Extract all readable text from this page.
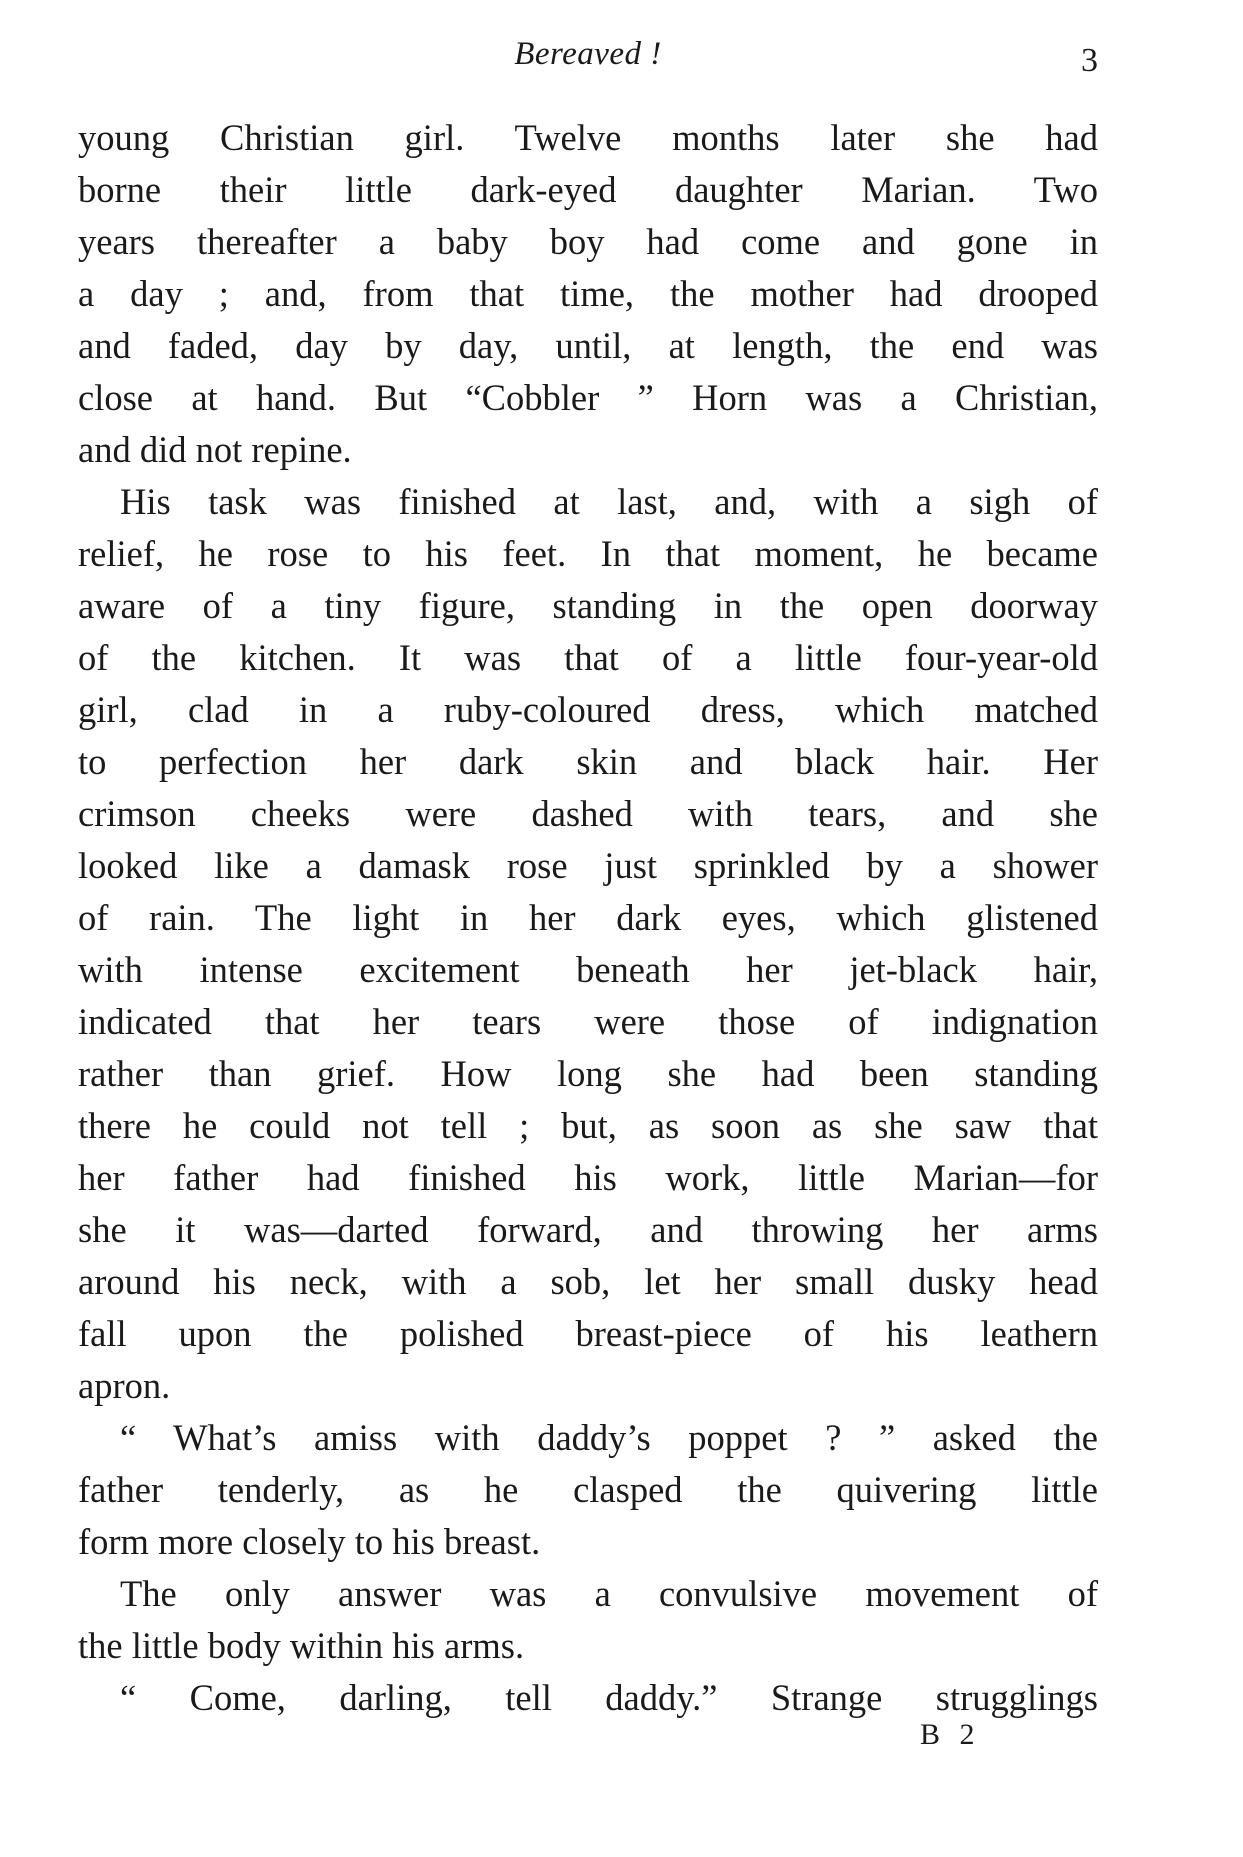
Bereaved !	3
young Christian girl. Twelve months later she had
borne their little dark-eyed daughter Marian. Two
years thereafter a baby boy had come and gone in
a day ; and, from that time, the mother had drooped
and faded, day by day, until, at length, the end was
close at hand. But “Cobbler ” Horn was a Christian,
and did not repine.
His task was finished at last, and, with a sigh of
relief, he rose to his feet. In that moment, he became
aware of a tiny figure, standing in the open doorway
of the kitchen. It was that of a little four-year-old
girl, clad in a ruby-coloured dress, which matched
to perfection her dark skin and black hair. Her
crimson cheeks were dashed with tears, and she
looked like a damask rose just sprinkled by a shower
of rain. The light in her dark eyes, which glistened
with intense excitement beneath her jet-black hair,
indicated that her tears were those of indignation
rather than grief. How long she had been standing
there he could not tell ; but, as soon as she saw that
her father had finished his work, little Marian—for
she it was—darted forward, and throwing her arms
around his neck, with a sob, let her small dusky head
fall upon the polished breast-piece of his leathern
apron.
“ What’s amiss with daddy’s poppet ? ” asked the
father tenderly, as he clasped the quivering little
form more closely to his breast.
The only answer was a convulsive movement of
the little body within his arms.
“ Come, darling, tell daddy.” Strange strugglings
B 2
